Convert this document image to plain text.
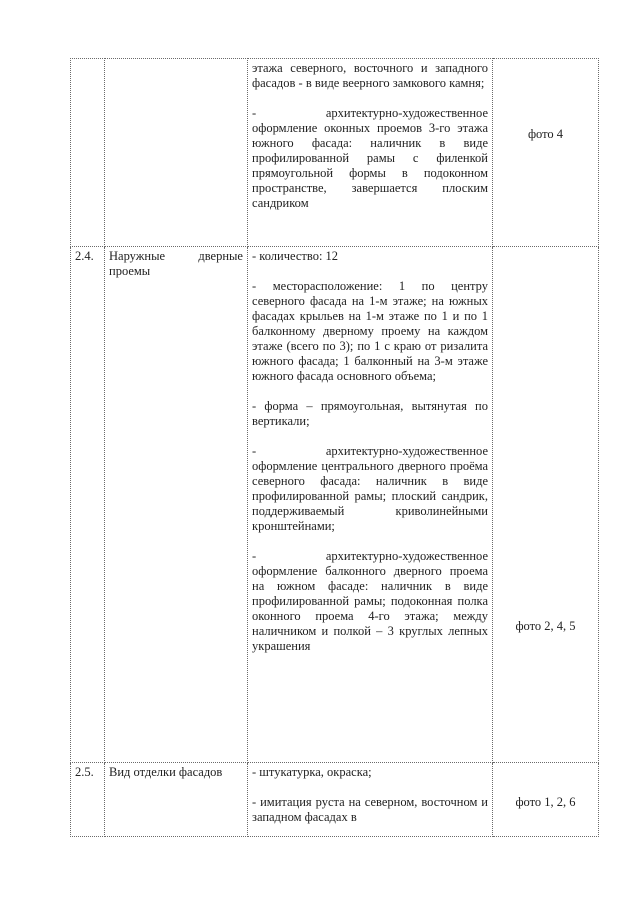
		этажа северного, восточного и западного фасадов - в виде веерного замкового камня;

- архитектурно-художественное оформление оконных проемов 3-го этажа южного фасада: наличник в виде профилированной рамы с филенкой прямоугольной формы в подоконном пространстве, завершается плоским сандриком	фото 4
2.4.	Наружные дверные проемы	- количество: 12

- месторасположение: 1 по центру северного фасада на 1-м этаже; на южных фасадах крыльев на 1-м этаже по 1 и по 1 балконному дверному проему на каждом этаже (всего по 3); по 1 с краю от ризалита южного фасада; 1 балконный на 3-м этаже южного фасада основного объема;

- форма – прямоугольная, вытянутая по вертикали;

- архитектурно-художественное оформление центрального дверного проёма северного фасада: наличник в виде профилированной рамы; плоский сандрик, поддерживаемый криволинейными кронштейнами;

- архитектурно-художественное оформление балконного дверного проема на южном фасаде: наличник в виде профилированной рамы; подоконная полка оконного проема 4-го этажа; между наличником и полкой – 3 круглых лепных украшения	фото 2, 4, 5
2.5.	Вид отделки фасадов	- штукатурка, окраска;

- имитация руста на северном, восточном и западном фасадах в	фото 1, 2, 6
